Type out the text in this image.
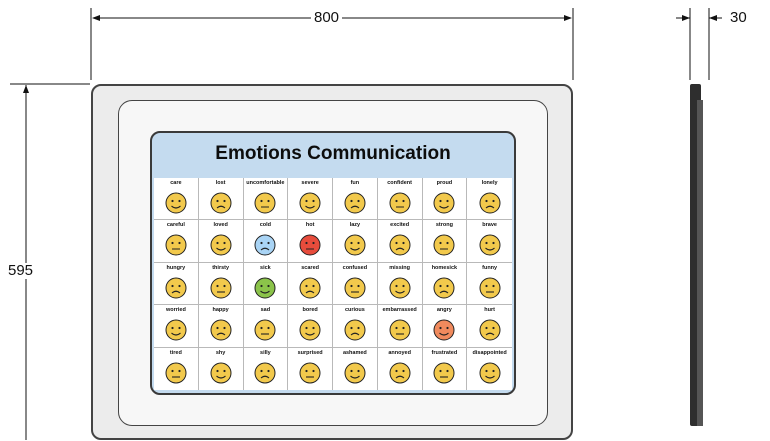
800
595
30
Emotions Communication
care	lost	uncomfortable	severe	fun	confident	proud	lonely
careful	loved	cold	hot	lazy	excited	strong	brave
hungry	thirsty	sick	scared	confused	missing	homesick	funny
worried	happy	sad	bored	curious	embarrassed	angry	hurt
tired	shy	silly	surprised	ashamed	annoyed	frustrated	disappointed
